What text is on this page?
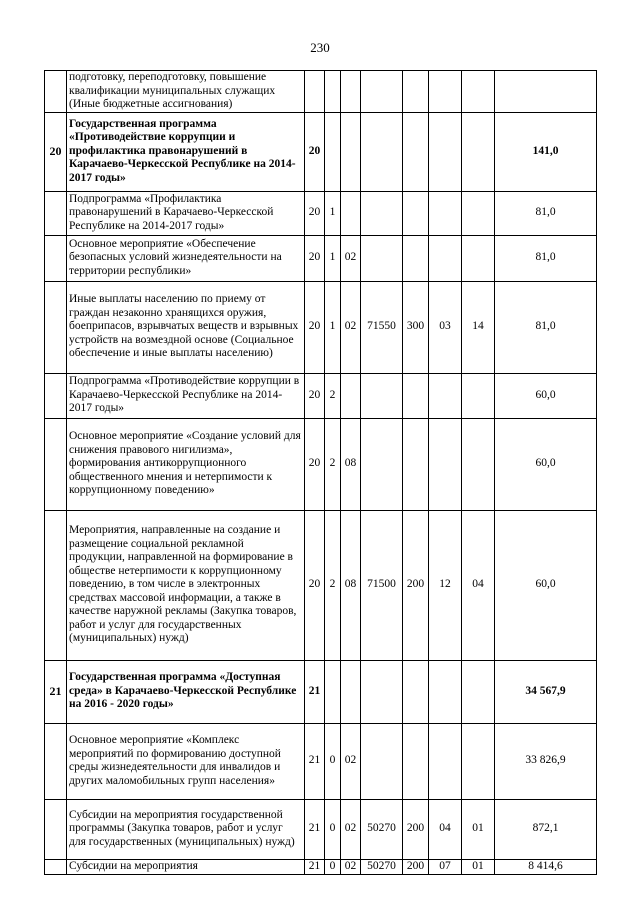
230
	подготовку, переподготовку, повышение квалификации муниципальных служащих (Иные бюджетные ассигнования)								
20	Государственная программа «Противодействие коррупции и профилактика правонарушений в Карачаево-Черкесской Республике на 2014-2017 годы»	20							141,0
	Подпрограмма «Профилактика правонарушений в Карачаево-Черкесской Республике на 2014-2017 годы»	20	1						81,0
	Основное мероприятие «Обеспечение безопасных условий жизнедеятельности на территории республики»	20	1	02					81,0
	Иные выплаты населению по приему от граждан незаконно хранящихся оружия, боеприпасов, взрывчатых веществ и взрывных устройств на возмездной основе (Социальное обеспечение и иные выплаты населению)	20	1	02	71550	300	03	14	81,0
	Подпрограмма «Противодействие коррупции в Карачаево-Черкесской Республике на 2014-2017 годы»	20	2						60,0
	Основное мероприятие «Создание условий для снижения правового нигилизма», формирования антикоррупционного общественного мнения и нетерпимости к коррупционному поведению»	20	2	08					60,0
	Мероприятия, направленные на создание и размещение социальной рекламной продукции, направленной на формирование в обществе нетерпимости к коррупционному поведению, в том числе в электронных средствах массовой информации, а также в качестве наружной рекламы (Закупка товаров, работ и услуг для государственных (муниципальных) нужд)	20	2	08	71500	200	12	04	60,0
21	Государственная программа «Доступная среда» в Карачаево-Черкесской Республике на 2016 - 2020 годы»	21							34 567,9
	Основное мероприятие «Комплекс мероприятий по формированию доступной среды жизнедеятельности для инвалидов и других маломобильных групп населения»	21	0	02					33 826,9
	Субсидии на мероприятия государственной программы (Закупка товаров, работ и услуг для государственных (муниципальных) нужд)	21	0	02	50270	200	04	01	872,1
	Субсидии на мероприятия	21	0	02	50270	200	07	01	8 414,6
